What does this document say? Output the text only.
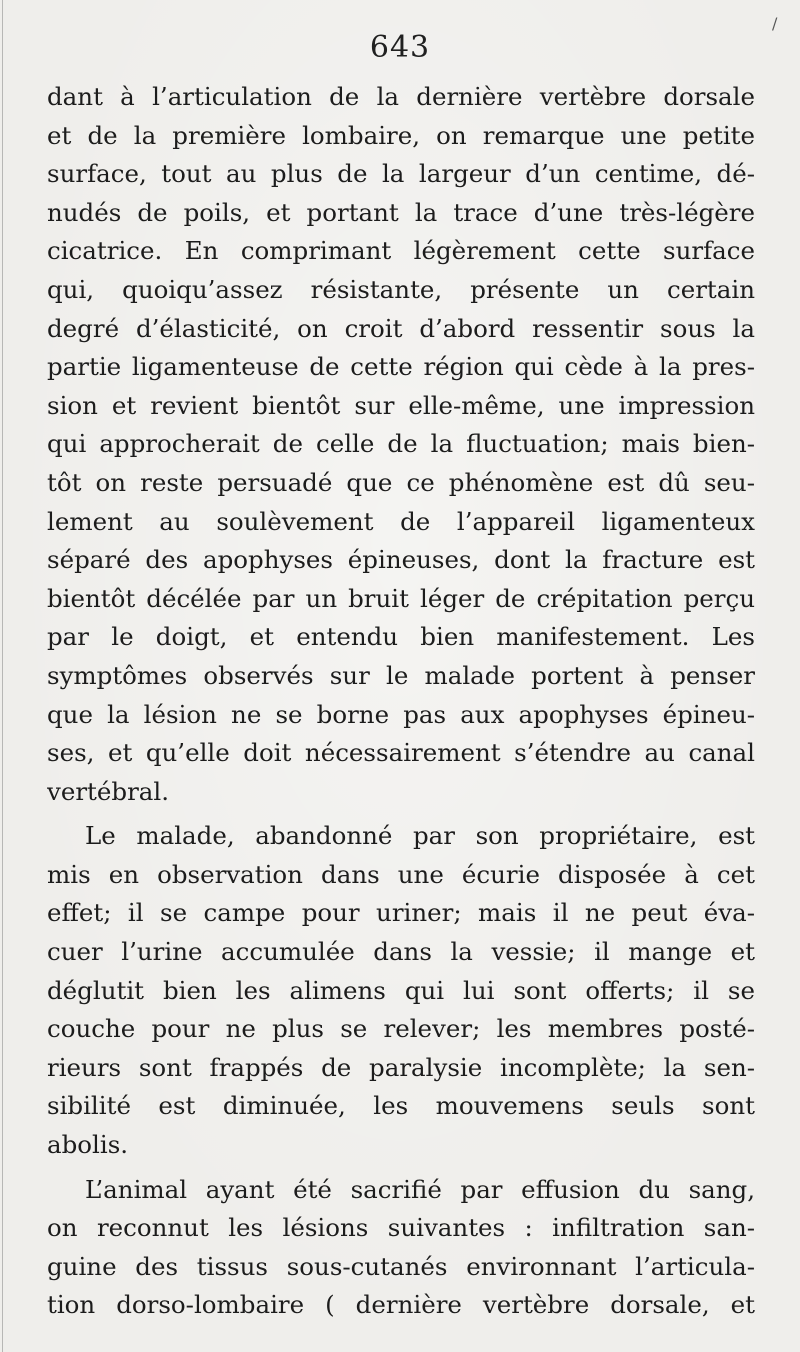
/
643
dant à l’articulation de la dernière vertèbre dorsale
et de la première lombaire, on remarque une petite
surface, tout au plus de la largeur d’un centime, dé-
nudés de poils, et portant la trace d’une très-légère
cicatrice. En comprimant légèrement cette surface
qui, quoiqu’assez résistante, présente un certain
degré d’élasticité, on croit d’abord ressentir sous la
partie ligamenteuse de cette région qui cède à la pres-
sion et revient bientôt sur elle-même, une impression
qui approcherait de celle de la fluctuation; mais bien-
tôt on reste persuadé que ce phénomène est dû seu-
lement au soulèvement de l’appareil ligamenteux
séparé des apophyses épineuses, dont la fracture est
bientôt décélée par un bruit léger de crépitation perçu
par le doigt, et entendu bien manifestement. Les
symptômes observés sur le malade portent à penser
que la lésion ne se borne pas aux apophyses épineu-
ses, et qu’elle doit nécessairement s’étendre au canal
vertébral.
Le malade, abandonné par son propriétaire, est
mis en observation dans une écurie disposée à cet
effet; il se campe pour uriner; mais il ne peut éva-
cuer l’urine accumulée dans la vessie; il mange et
déglutit bien les alimens qui lui sont offerts; il se
couche pour ne plus se relever; les membres posté-
rieurs sont frappés de paralysie incomplète; la sen-
sibilité est diminuée, les mouvemens seuls sont
abolis.
L’animal ayant été sacrifié par effusion du sang,
on reconnut les lésions suivantes : infiltration san-
guine des tissus sous-cutanés environnant l’articula-
tion dorso-lombaire ( dernière vertèbre dorsale, et
